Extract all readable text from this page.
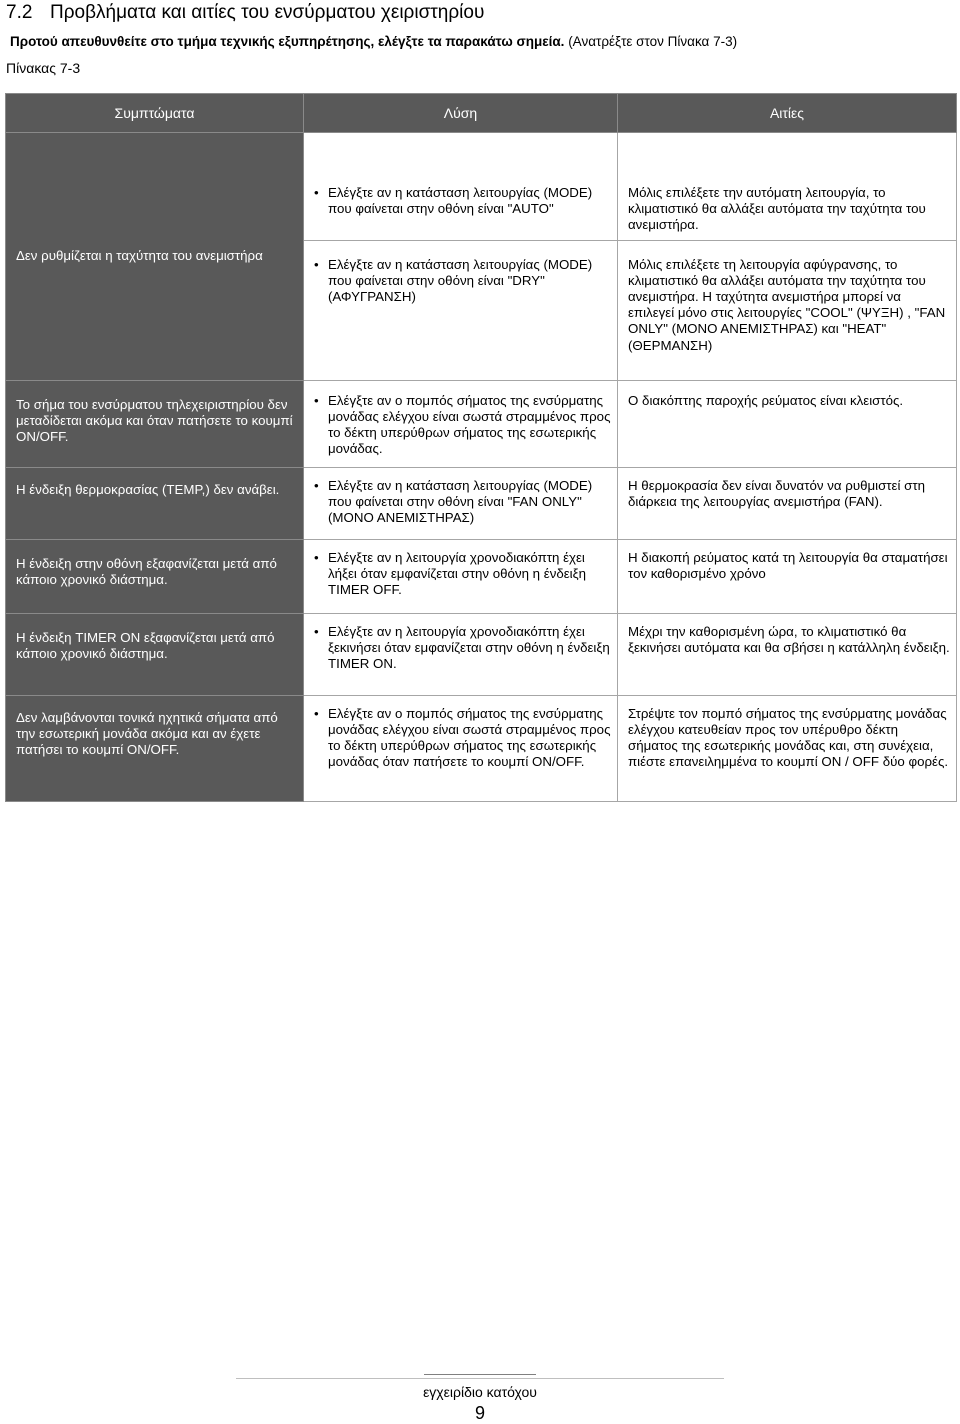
7.2 Προβλήματα και αιτίες του ενσύρματου χειριστηρίου
Προτού απευθυνθείτε στο τμήμα τεχνικής εξυπηρέτησης, ελέγξτε τα παρακάτω σημεία. (Ανατρέξτε στον Πίνακα 7-3)
Πίνακας 7-3
Συμπτώματα	Λύση	Αιτίες
Δεν ρυθμίζεται η ταχύτητα του ανεμιστήρα	• Ελέγξτε αν η κατάσταση λειτουργίας (MODE) που φαίνεται στην οθόνη είναι "AUTO"	Μόλις επιλέξετε την αυτόματη λειτουργία, το κλιματιστικό θα αλλάξει αυτόματα την ταχύτητα του ανεμιστήρα.

	• Ελέγξτε αν η κατάσταση λειτουργίας (MODE) που φαίνεται στην οθόνη είναι "DRY" (ΑΦΥΓΡΑΝΣΗ)	Μόλις επιλέξετε τη λειτουργία αφύγρανσης, το κλιματιστικό θα αλλάξει αυτόματα την ταχύτητα του ανεμιστήρα. Η ταχύτητα ανεμιστήρα μπορεί να επιλεγεί μόνο στις λειτουργίες "COOL" (ΨΥΞΗ) , "FAN ONLY" (ΜΟΝΟ ΑΝΕΜΙΣΤΗΡΑΣ) και "HEAT" (ΘΕΡΜΑΝΣΗ)
Το σήμα του ενσύρματου τηλεχειριστηρίου δεν μεταδίδεται ακόμα και όταν πατήσετε το κουμπί ON/OFF.	• Ελέγξτε αν ο πομπός σήματος της ενσύρματης μονάδας ελέγχου είναι σωστά στραμμένος προς το δέκτη υπερύθρων σήματος της εσωτερικής μονάδας.	Ο διακόπτης παροχής ρεύματος είναι κλειστός.
Η ένδειξη θερμοκρασίας (TEMP,) δεν ανάβει.	• Ελέγξτε αν η κατάσταση λειτουργίας (MODE) που φαίνεται στην οθόνη είναι "FAN ONLY" (ΜΟΝΟ ΑΝΕΜΙΣΤΗΡΑΣ)	Η θερμοκρασία δεν είναι δυνατόν να ρυθμιστεί στη διάρκεια της λειτουργίας ανεμιστήρα (FAN).
Η ένδειξη στην οθόνη εξαφανίζεται μετά από κάποιο χρονικό διάστημα.	• Ελέγξτε αν η λειτουργία χρονοδιακόπτη έχει λήξει όταν εμφανίζεται στην οθόνη η ένδειξη TIMER OFF.	Η διακοπή ρεύματος κατά τη λειτουργία θα σταματήσει τον καθορισμένο χρόνο
Η ένδειξη TIMER ON εξαφανίζεται μετά από κάποιο χρονικό διάστημα.	• Ελέγξτε αν η λειτουργία χρονοδιακόπτη έχει ξεκινήσει όταν εμφανίζεται στην οθόνη η ένδειξη TIMER ON.	Μέχρι την καθορισμένη ώρα, το κλιματιστικό θα ξεκινήσει αυτόματα και θα σβήσει η κατάλληλη ένδειξη.
Δεν λαμβάνονται τονικά ηχητικά σήματα από την εσωτερική μονάδα ακόμα και αν έχετε πατήσει το κουμπί ON/OFF.	• Ελέγξτε αν ο πομπός σήματος της ενσύρματης μονάδας ελέγχου είναι σωστά στραμμένος προς το δέκτη υπερύθρων σήματος της εσωτερικής μονάδας όταν πατήσετε το κουμπί ON/OFF.	Στρέψτε τον πομπό σήματος της ενσύρματης μονάδας ελέγχου κατευθείαν προς τον υπέρυθρο δέκτη σήματος της εσωτερικής μονάδας και, στη συνέχεια, πιέστε επανειλημμένα το κουμπί ON / OFF δύο φορές.
εγχειρίδιο κατόχου
9
